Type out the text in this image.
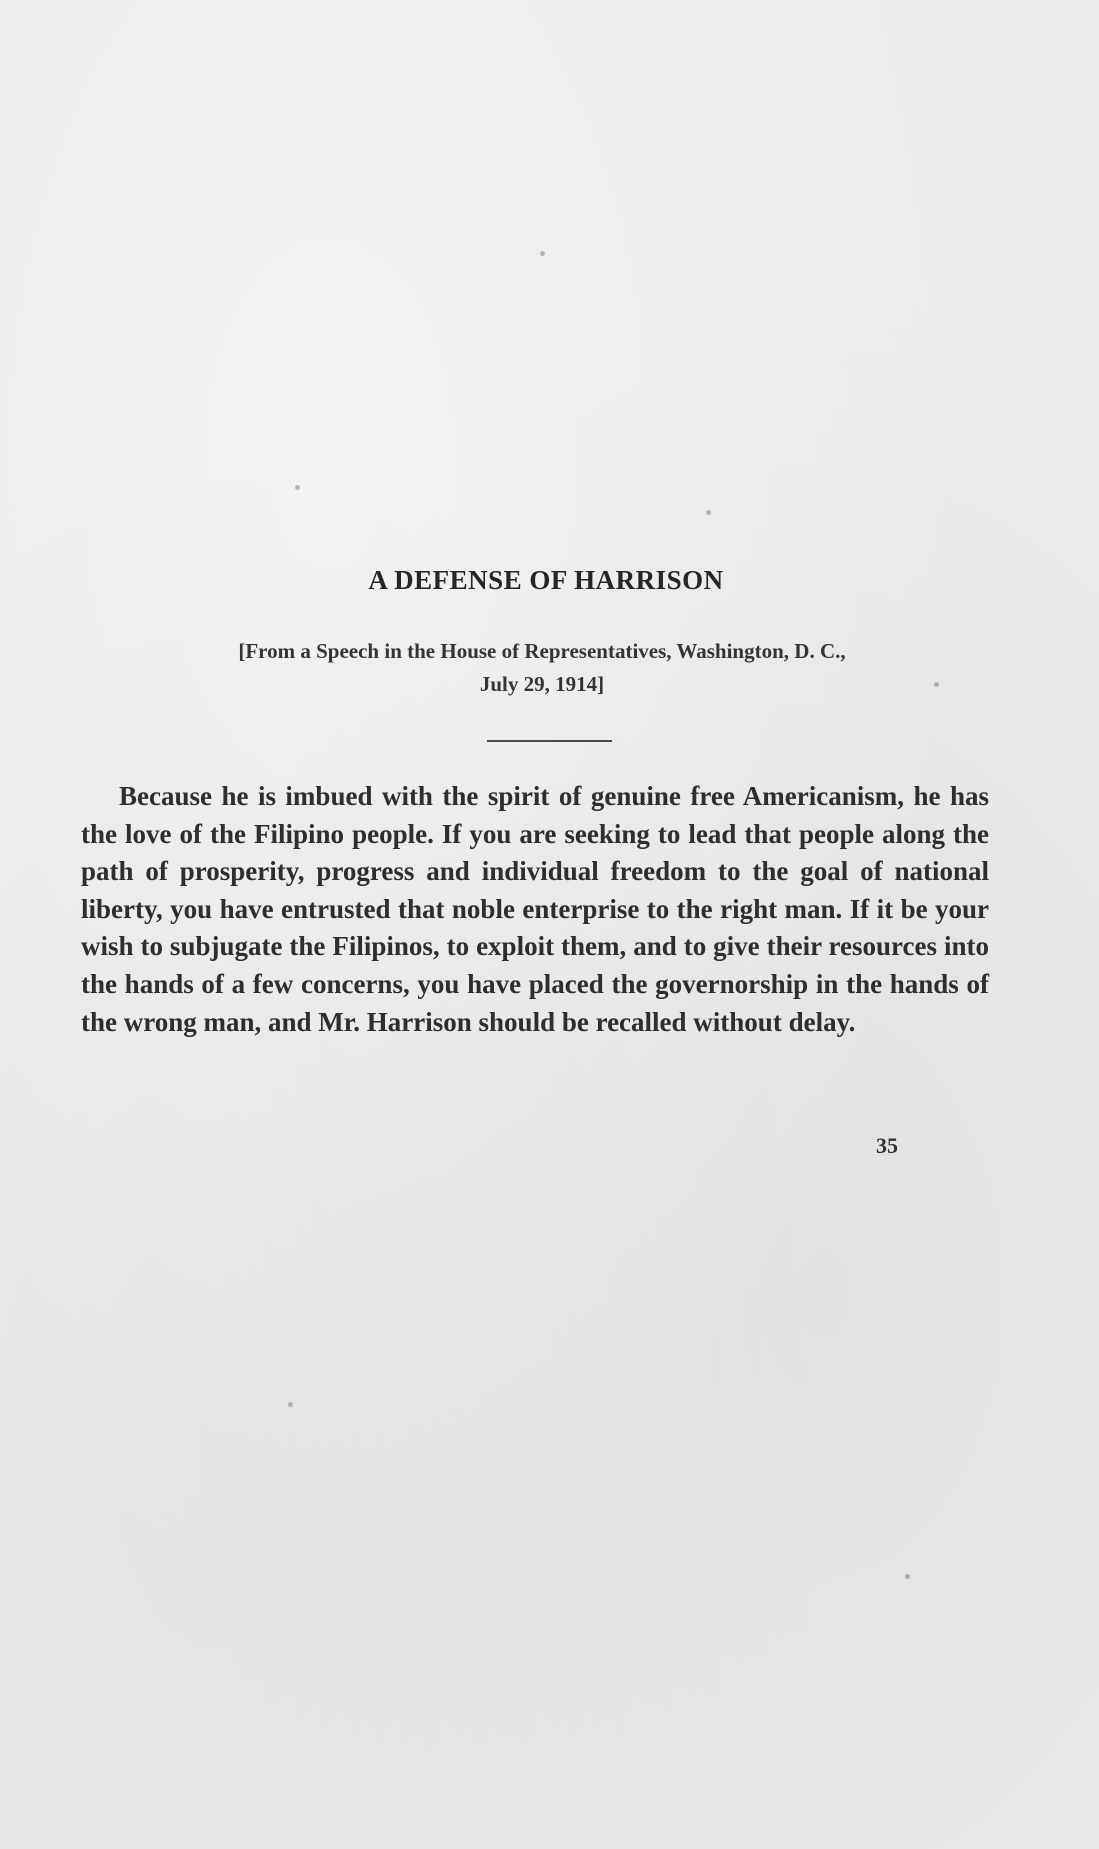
A DEFENSE OF HARRISON

[From a Speech in the House of Representatives, Washington, D. C.,
July 29, 1914]

Because he is imbued with the spirit of genuine free Americanism, he has the love of the Filipino people. If you are seeking to lead that people along the path of prosperity, progress and individual freedom to the goal of national liberty, you have entrusted that noble enterprise to the right man. If it be your wish to subjugate the Filipinos, to exploit them, and to give their resources into the hands of a few concerns, you have placed the governorship in the hands of the wrong man, and Mr. Harrison should be recalled without delay.

35
